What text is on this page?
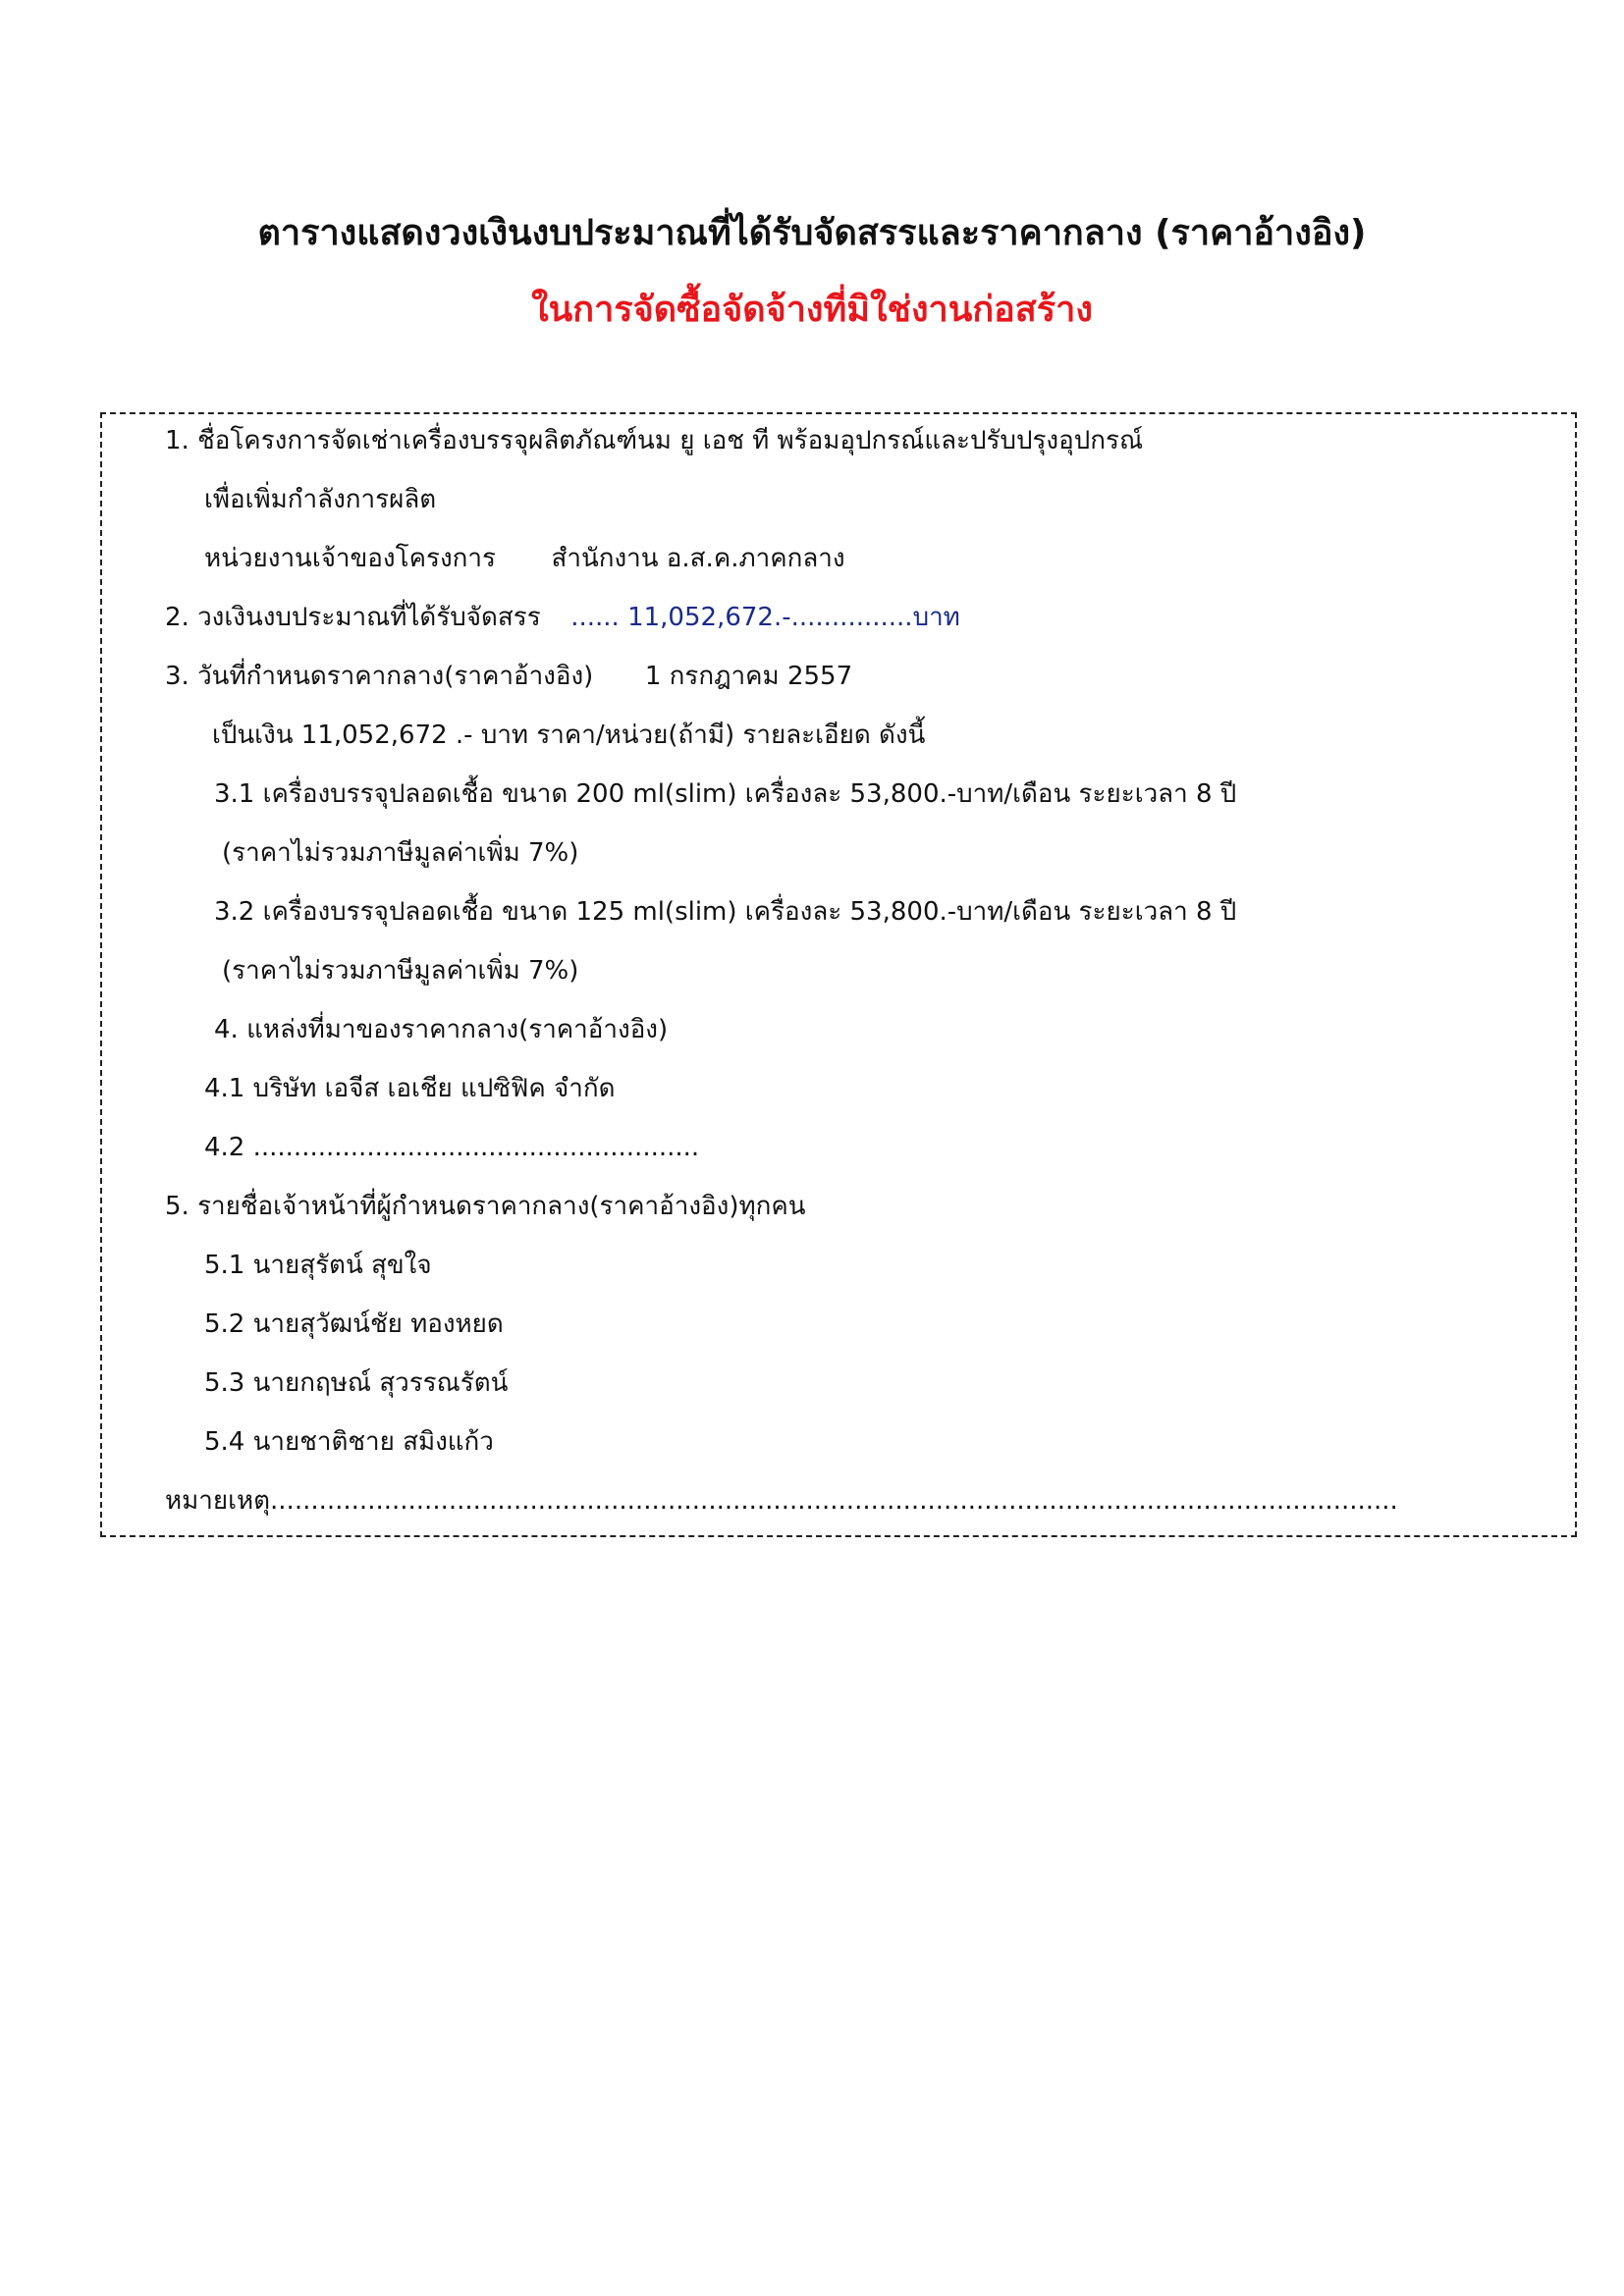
ตารางแสดงวงเงินงบประมาณที่ได้รับจัดสรรและราคากลาง (ราคาอ้างอิง)
ในการจัดซื้อจัดจ้างที่มิใช่งานก่อสร้าง
1. ชื่อโครงการจัดเช่าเครื่องบรรจุผลิตภัณฑ์นม ยู เอช ที พร้อมอุปกรณ์และปรับปรุงอุปกรณ์
เพื่อเพิ่มกำลังการผลิต
หน่วยงานเจ้าของโครงการ สำนักงาน อ.ส.ค.ภาคกลาง
2. วงเงินงบประมาณที่ได้รับจัดสรร ...... 11,052,672.-...............บาท
3. วันที่กำหนดราคากลาง(ราคาอ้างอิง) 1 กรกฎาคม 2557
เป็นเงิน 11,052,672 .- บาท ราคา/หน่วย(ถ้ามี) รายละเอียด ดังนี้
3.1 เครื่องบรรจุปลอดเชื้อ ขนาด 200 ml(slim) เครื่องละ 53,800.-บาท/เดือน ระยะเวลา 8 ปี
(ราคาไม่รวมภาษีมูลค่าเพิ่ม 7%)
3.2 เครื่องบรรจุปลอดเชื้อ ขนาด 125 ml(slim) เครื่องละ 53,800.-บาท/เดือน ระยะเวลา 8 ปี
(ราคาไม่รวมภาษีมูลค่าเพิ่ม 7%)
4. แหล่งที่มาของราคากลาง(ราคาอ้างอิง)
4.1 บริษัท เอจีส เอเชีย แปซิฟิค จำกัด
4.2 .......................................................
5. รายชื่อเจ้าหน้าที่ผู้กำหนดราคากลาง(ราคาอ้างอิง)ทุกคน
5.1 นายสุรัตน์ สุขใจ
5.2 นายสุวัฒน์ชัย ทองหยด
5.3 นายกฤษณ์ สุวรรณรัตน์
5.4 นายชาติชาย สมิงแก้ว
หมายเหตุ...........................................................................................................................................
